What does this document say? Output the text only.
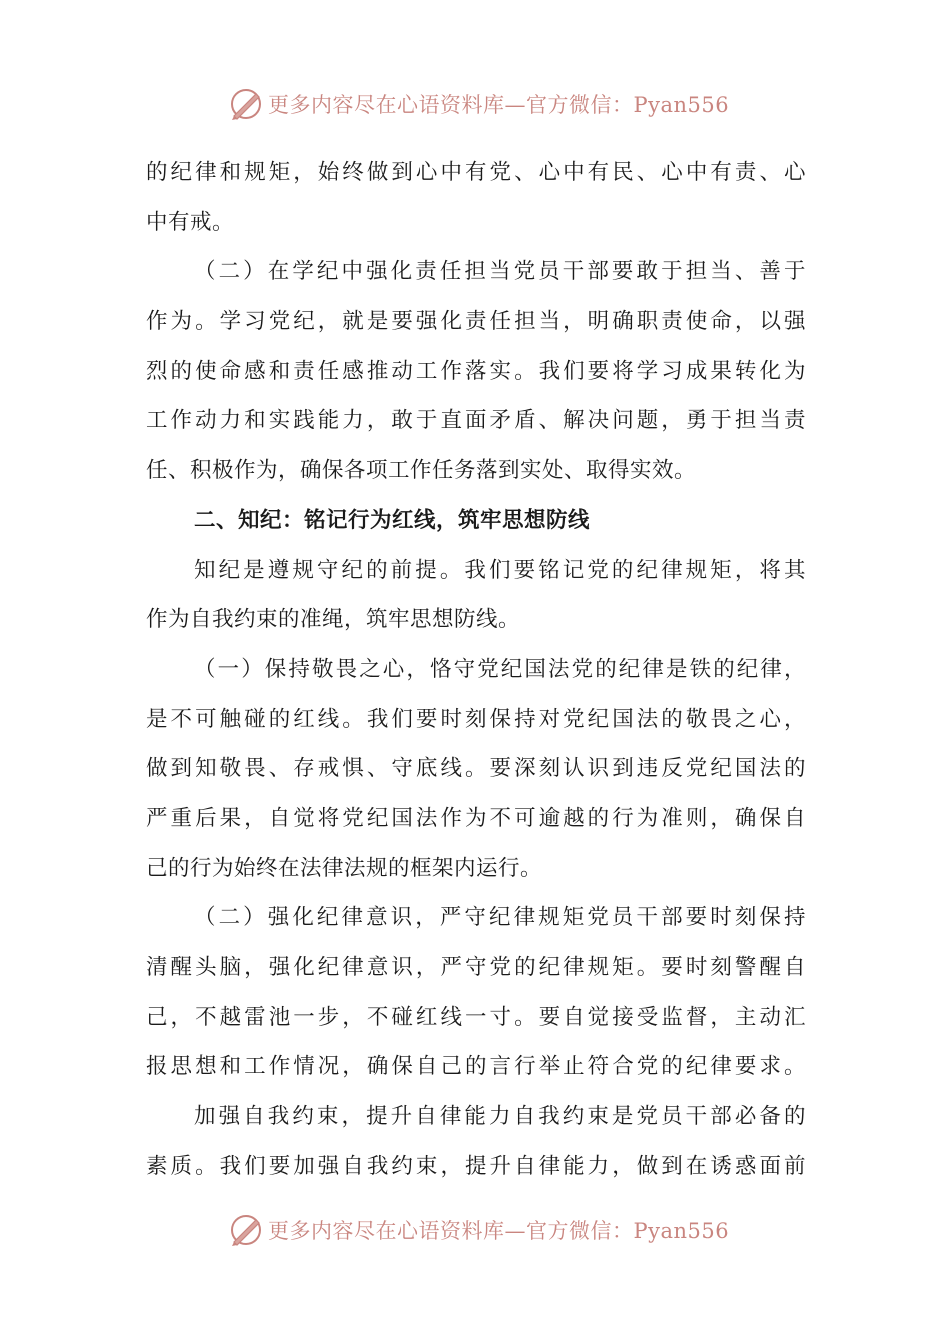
更多内容尽在心语资料库—官方微信：Pyan556
的纪律和规矩，始终做到心中有党、心中有民、心中有责、心
中有戒。
（二）在学纪中强化责任担当党员干部要敢于担当、善于
作为。学习党纪，就是要强化责任担当，明确职责使命，以强
烈的使命感和责任感推动工作落实。我们要将学习成果转化为
工作动力和实践能力，敢于直面矛盾、解决问题，勇于担当责
任、积极作为，确保各项工作任务落到实处、取得实效。
二、知纪：铭记行为红线，筑牢思想防线
知纪是遵规守纪的前提。我们要铭记党的纪律规矩，将其
作为自我约束的准绳，筑牢思想防线。
（一）保持敬畏之心，恪守党纪国法党的纪律是铁的纪律，
是不可触碰的红线。我们要时刻保持对党纪国法的敬畏之心，
做到知敬畏、存戒惧、守底线。要深刻认识到违反党纪国法的
严重后果，自觉将党纪国法作为不可逾越的行为准则，确保自
己的行为始终在法律法规的框架内运行。
（二）强化纪律意识，严守纪律规矩党员干部要时刻保持
清醒头脑，强化纪律意识，严守党的纪律规矩。要时刻警醒自
己，不越雷池一步，不碰红线一寸。要自觉接受监督，主动汇
报思想和工作情况，确保自己的言行举止符合党的纪律要求。
加强自我约束，提升自律能力自我约束是党员干部必备的
素质。我们要加强自我约束，提升自律能力，做到在诱惑面前
更多内容尽在心语资料库—官方微信：Pyan556
